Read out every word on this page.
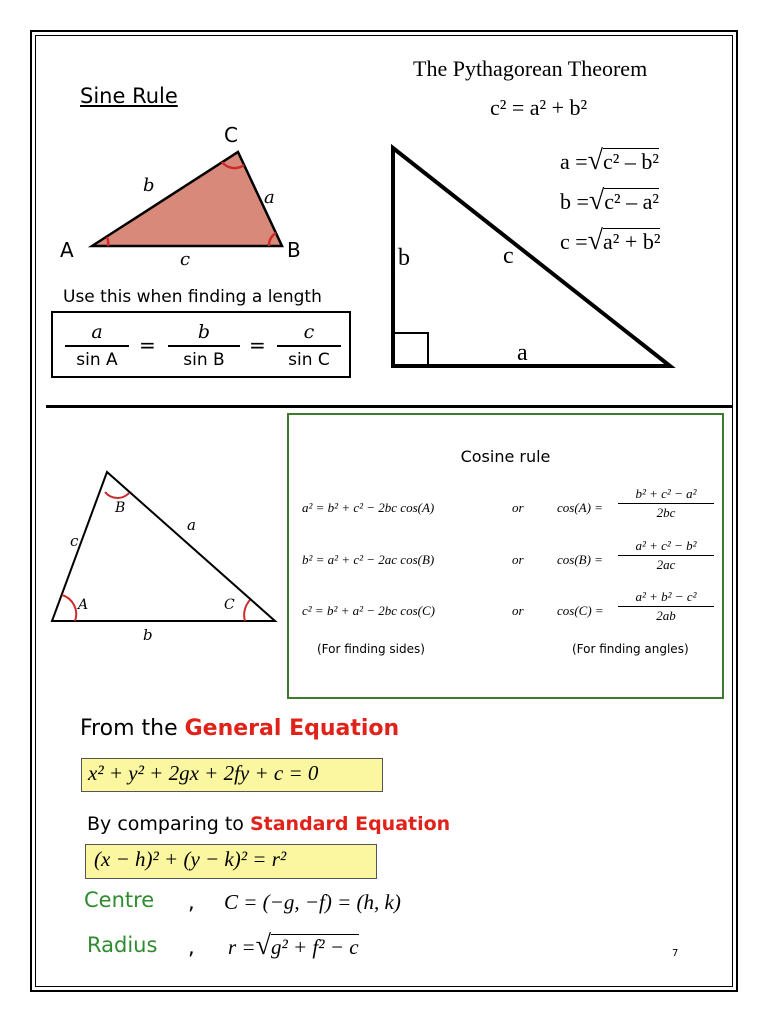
Sine Rule
A	B
C
b
a
c
Use this when finding a length
a
sin A
=
b
sin B
=
c
sin C
The Pythagorean Theorem
c² = a² + b²
a =√c² – b²
b =√c² – a²
c =√a² + b²
b	c
a
B
A	C
c
a
b
Cosine rule
a² = b² + c² − 2bc cos(A)	or	cos(A) =
b² + c² − a²
2bc
b² = a² + c² − 2ac cos(B)	or	cos(B) =
a² + c² − b²
2ac
c² = b² + a² − 2bc cos(C)	or	cos(C) =
a² + b² − c²
2ab
(For finding sides)	(For finding angles)
From the General Equation
x² + y² + 2gx + 2fy + c = 0
By comparing to Standard Equation
(x − h)² + (y − k)² = r²
Centre , C = (−g, −f) = (h, k)
Radius , r =√g² + f² − c	7
